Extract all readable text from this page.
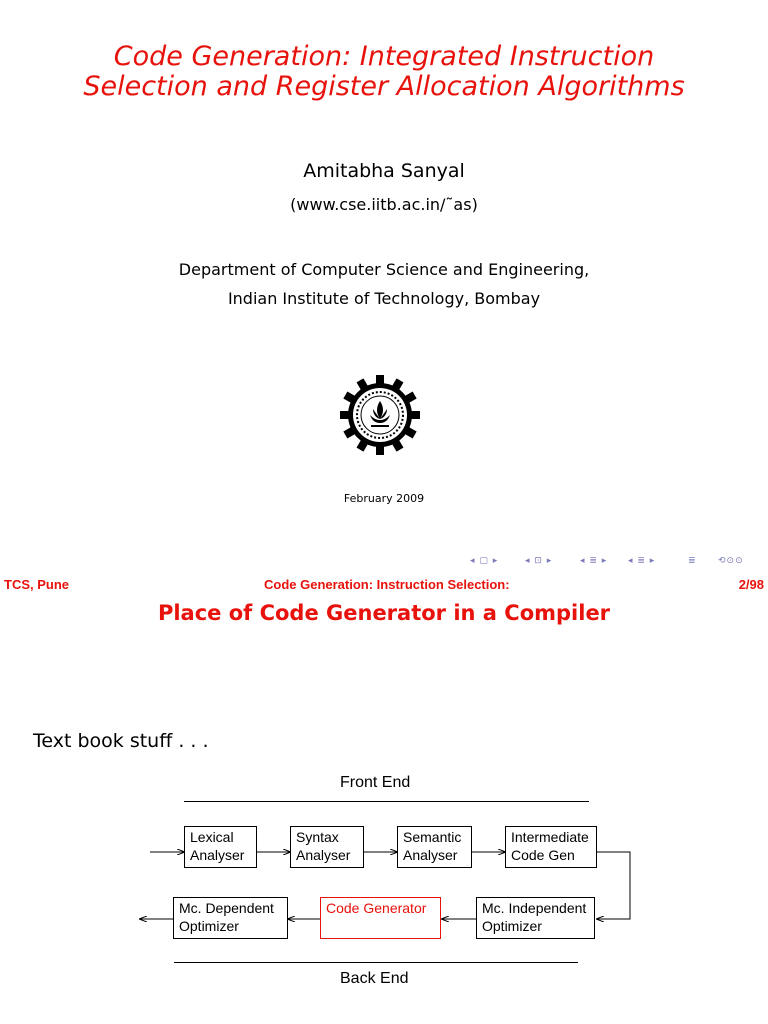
Code Generation: Integrated Instruction
Selection and Register Allocation Algorithms
Amitabha Sanyal
(www.cse.iitb.ac.in/˜as)
Department of Computer Science and Engineering,
Indian Institute of Technology, Bombay
February 2009
◂ ▢ ▸	◂ ⊡ ▸	◂ ≣ ▸ ◂ ≣ ▸	≣ ⟲⊙⊙
TCS, Pune	Code Generation: Instruction Selection:	2/98
Place of Code Generator in a Compiler
Text book stuff . . .
Front End
Lexical
Analyser
Syntax
Analyser
Semantic
Analyser
Intermediate
Code Gen
Mc. Independent
Optimizer
Code Generator
Mc. Dependent
Optimizer
Back End
